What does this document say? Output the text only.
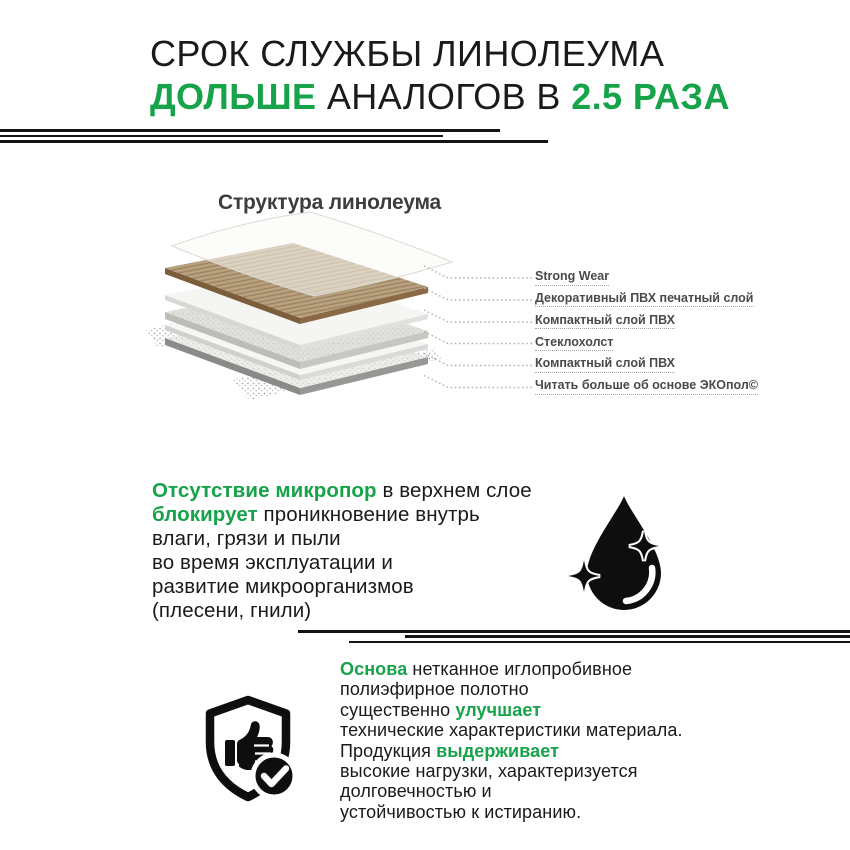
СРОК СЛУЖБЫ ЛИНОЛЕУМА
ДОЛЬШЕ АНАЛОГОВ В 2.5 РАЗА
Структура линолеума
Strong Wear
Декоративный ПВХ печатный слой
Компактный слой ПВХ
Стеклохолст
Компактный слой ПВХ
Читать больше об основе ЭКОпол©
Отсутствие микропор в верхнем слое
блокирует проникновение внутрь
влаги, грязи и пыли
во время эксплуатации и
развитие микроорганизмов
(плесени, гнили)
Основа нетканное иглопробивное
полиэфирное полотно
существенно улучшает
технические характеристики материала.
Продукция выдерживает
высокие нагрузки, характеризуется
долговечностью и
устойчивостью к истиранию.
